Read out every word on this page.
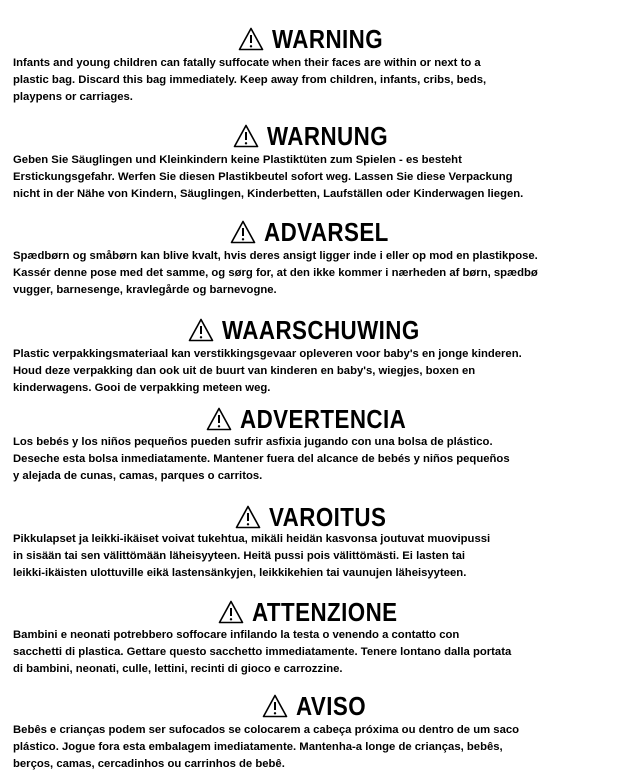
WARNING
Infants and young children can fatally suffocate when their faces are within or next to a
plastic bag. Discard this bag immediately. Keep away from children, infants, cribs, beds,
playpens or carriages.
WARNUNG
Geben Sie Säuglingen und Kleinkindern keine Plastiktüten zum Spielen - es besteht
Erstickungsgefahr. Werfen Sie diesen Plastikbeutel sofort weg. Lassen Sie diese Verpackung
nicht in der Nähe von Kindern, Säuglingen, Kinderbetten, Laufställen oder Kinderwagen liegen.
ADVARSEL
Spædbørn og småbørn kan blive kvalt, hvis deres ansigt ligger inde i eller op mod en plastikpose.
Kassér denne pose med det samme, og sørg for, at den ikke kommer i nærheden af børn, spædbø
vugger, barnesenge, kravlegårde og barnevogne.
WAARSCHUWING
Plastic verpakkingsmateriaal kan verstikkingsgevaar opleveren voor baby's en jonge kinderen.
Houd deze verpakking dan ook uit de buurt van kinderen en baby's, wiegjes, boxen en
kinderwagens. Gooi de verpakking meteen weg.
ADVERTENCIA
Los bebés y los niños pequeños pueden sufrir asfixia jugando con una bolsa de plástico.
Deseche esta bolsa inmediatamente. Mantener fuera del alcance de bebés y niños pequeños
y alejada de cunas, camas, parques o carritos.
VAROITUS
Pikkulapset ja leikki-ikäiset voivat tukehtua, mikäli heidän kasvonsa joutuvat muovipussi
in sisään tai sen välittömään läheisyyteen. Heitä pussi pois välittömästi. Ei lasten tai
leikki-ikäisten ulottuville eikä lastensänkyjen, leikkikehien tai vaunujen läheisyyteen.
ATTENZIONE
Bambini e neonati potrebbero soffocare infilando la testa o venendo a contatto con
sacchetti di plastica. Gettare questo sacchetto immediatamente. Tenere lontano dalla portata
di bambini, neonati, culle, lettini, recinti di gioco e carrozzine.
AVISO
Bebês e crianças podem ser sufocados se colocarem a cabeça próxima ou dentro de um saco
plástico. Jogue fora esta embalagem imediatamente. Mantenha-a longe de crianças, bebês,
berços, camas, cercadinhos ou carrinhos de bebê.
